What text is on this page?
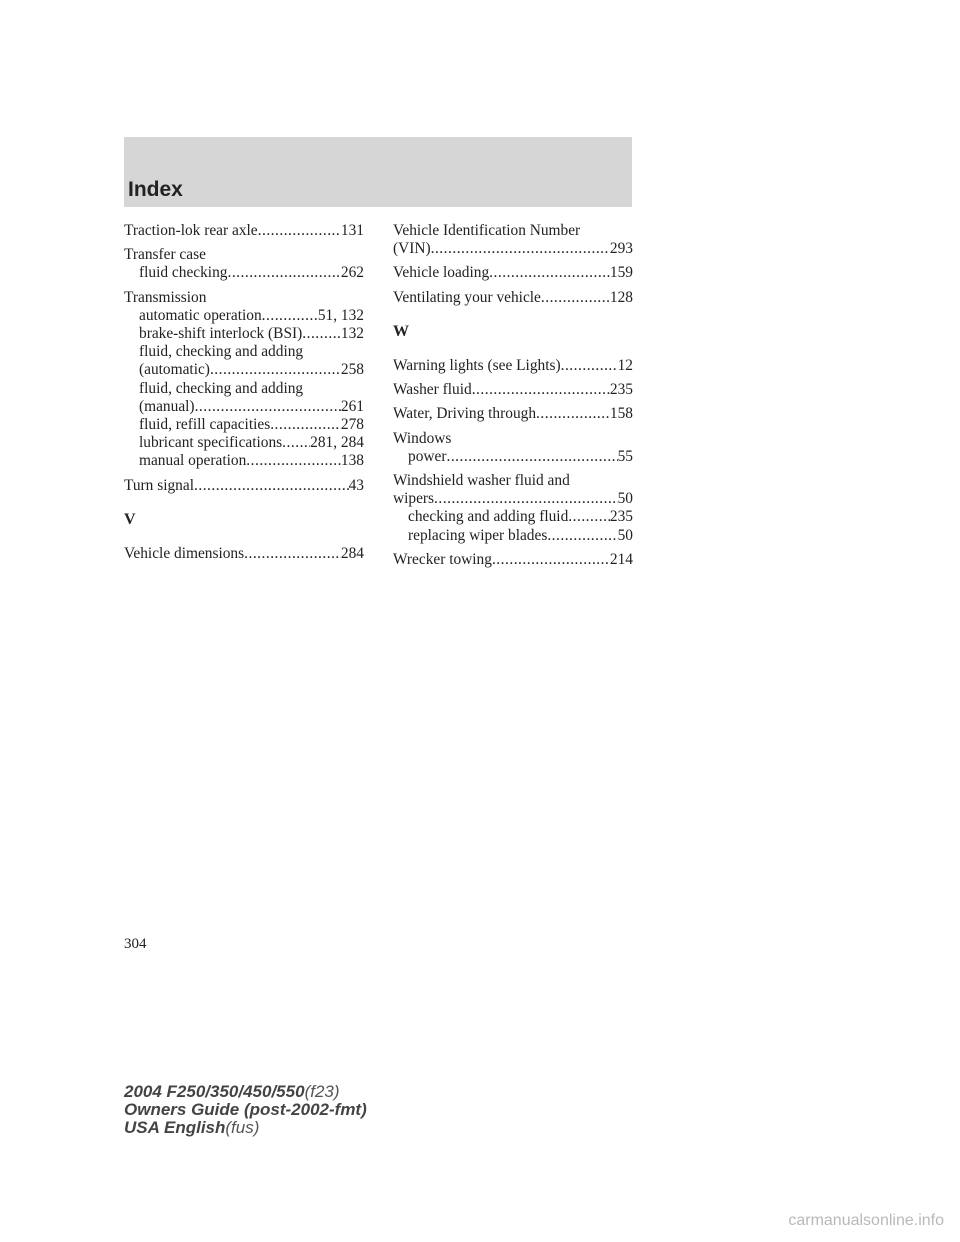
Index
Traction-lok rear axle .....	131
Transfer case
fluid checking .....	262
Transmission
automatic operation .....	51, 132
brake-shift interlock (BSI) .....	132
fluid, checking and adding
(automatic) .....	258
fluid, checking and adding
(manual) .....	261
fluid, refill capacities .....	278
lubricant specifications ..... 281, 284
manual operation .....	138
Turn signal .....	43
V
Vehicle dimensions .....	284
Vehicle Identification Number
(VIN) .....	293
Vehicle loading .....	159
Ventilating your vehicle .....	128
W
Warning lights (see Lights) .....	12
Washer fluid .....	235
Water, Driving through .....	158
Windows
power .....	55
Windshield washer fluid and
wipers .....	50
checking and adding fluid .....	235
replacing wiper blades .....	50
Wrecker towing .....	214
304
2004 F250/350/450/550(f23)
Owners Guide (post-2002-fmt)
USA English(fus)
carmanualsonline.info
